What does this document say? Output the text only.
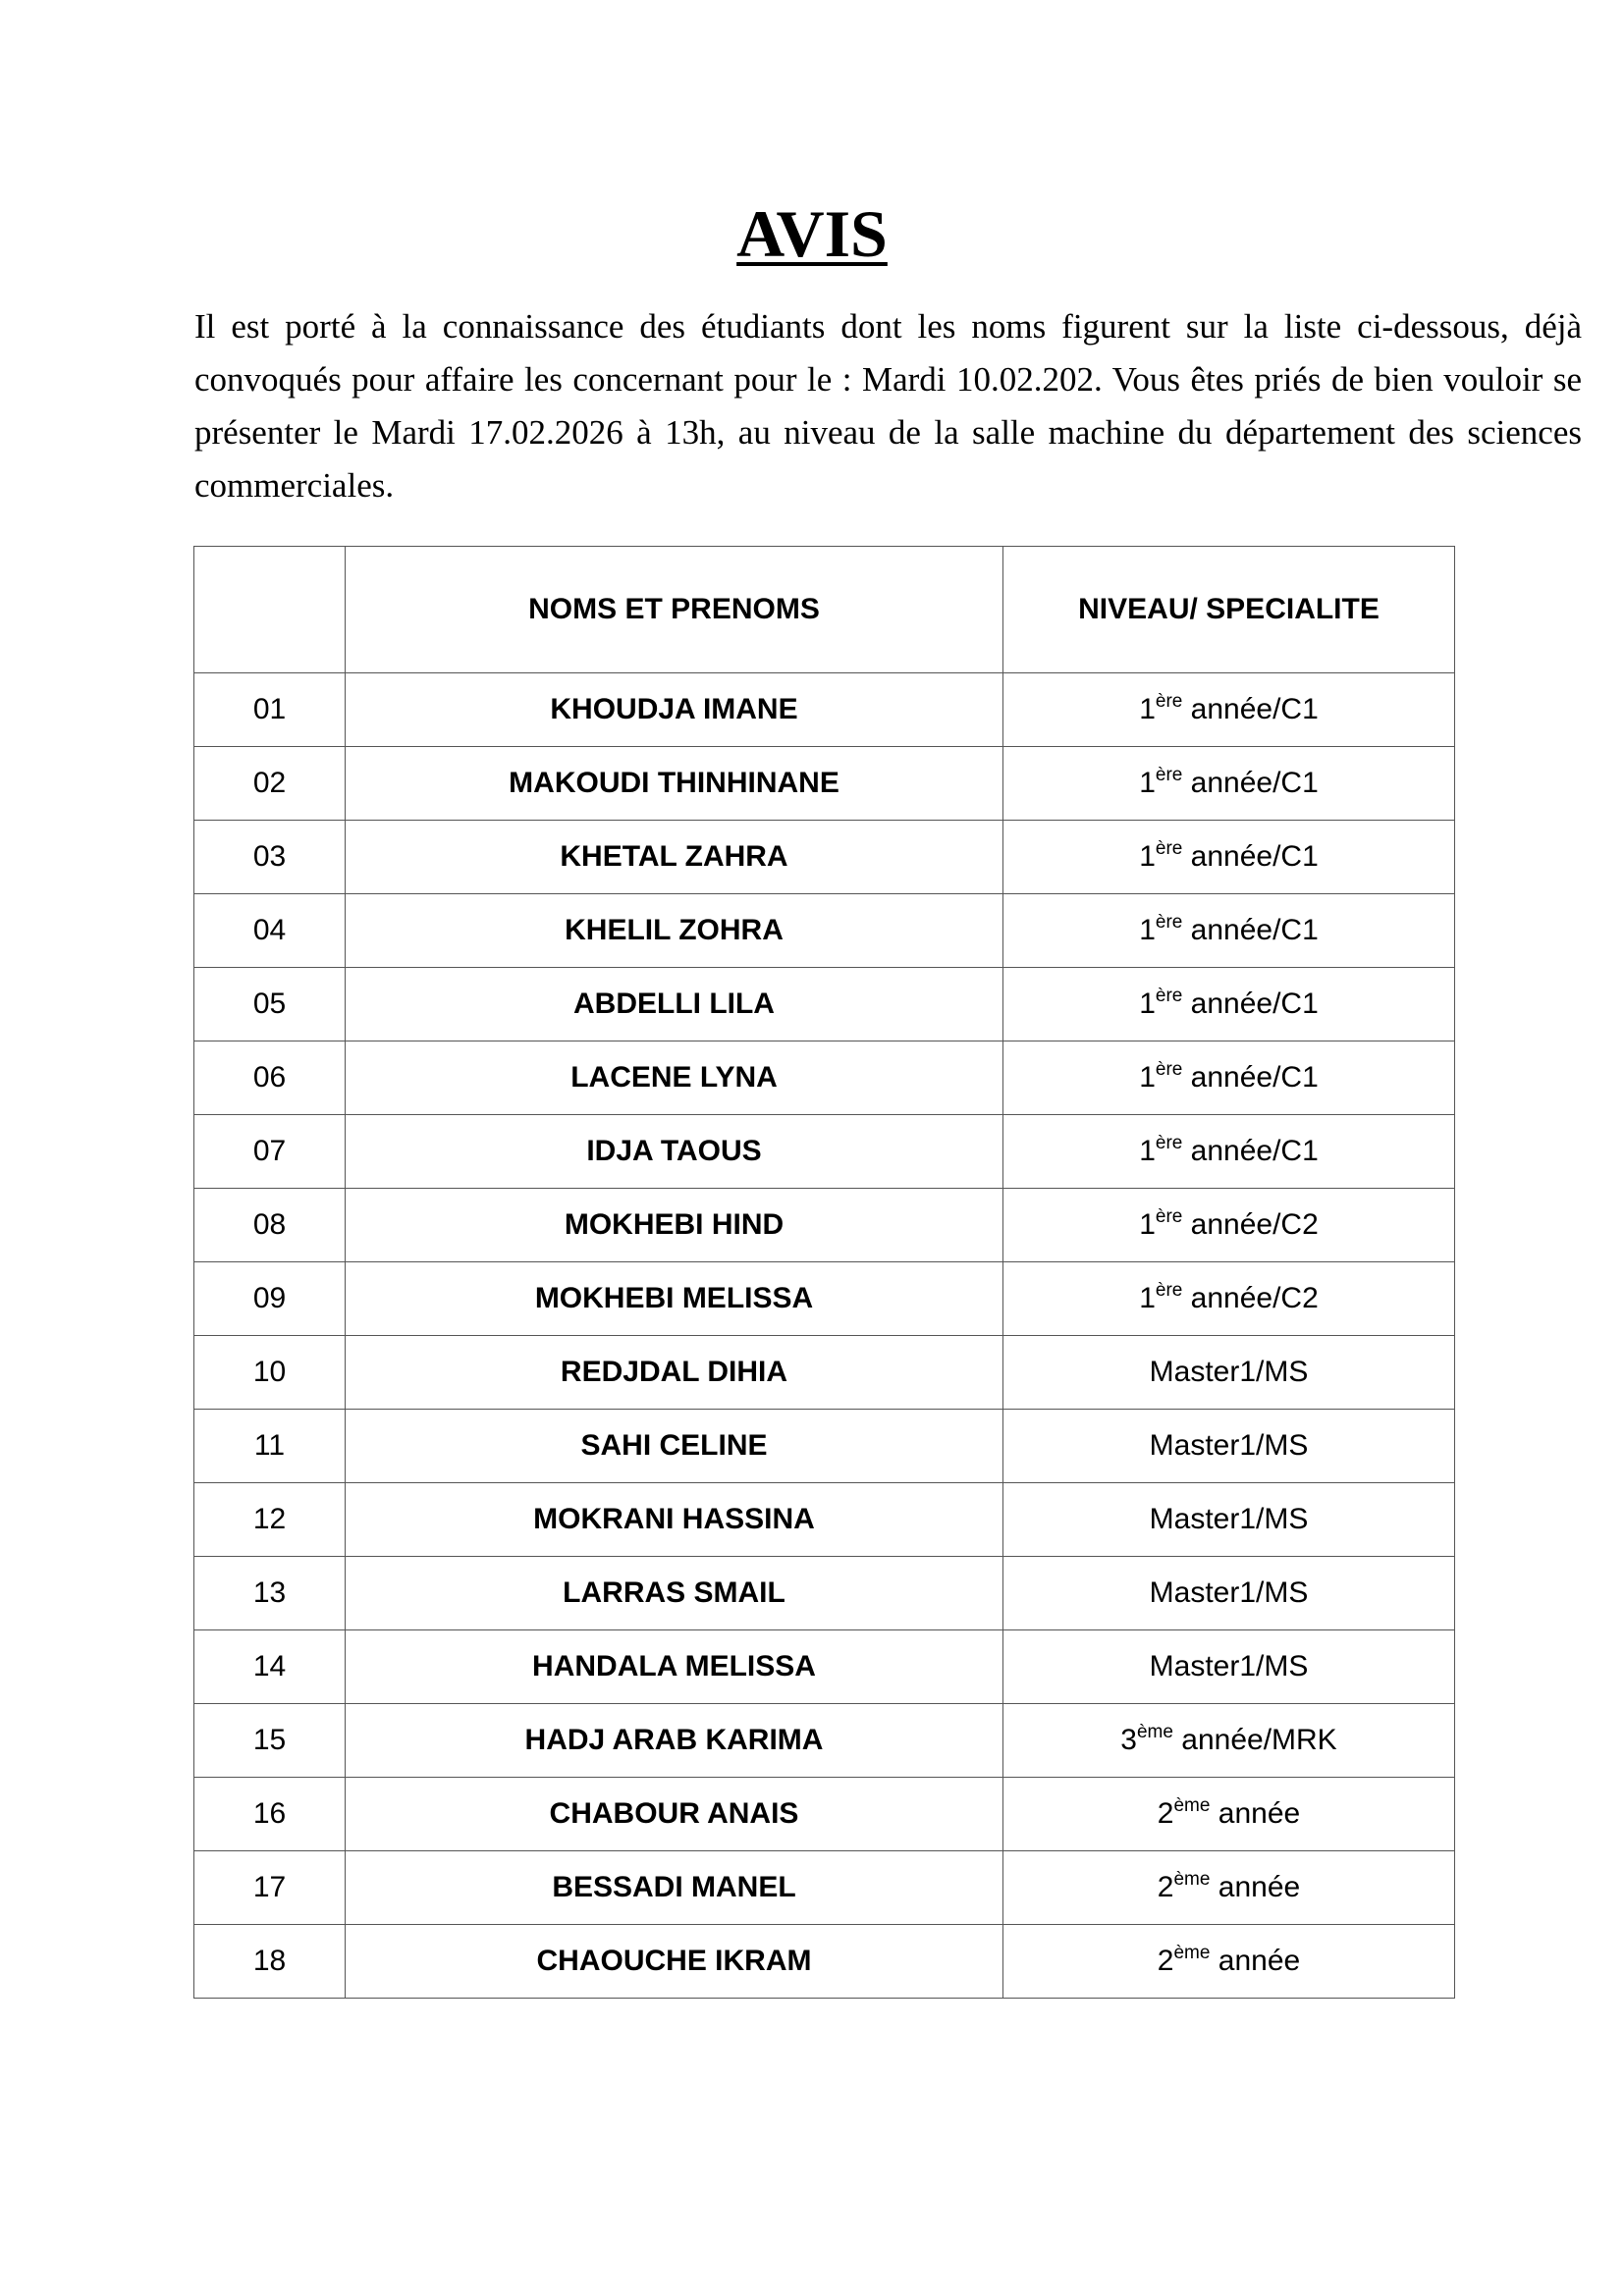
AVIS

Il est porté à la connaissance des étudiants dont les noms figurent sur la liste ci-dessous, déjà convoqués pour affaire les concernant pour le : Mardi 10.02.202. Vous êtes priés de bien vouloir se présenter le Mardi 17.02.2026 à 13h, au niveau de la salle machine du département des sciences commerciales.

	NOMS ET PRENOMS	NIVEAU/ SPECIALITE
01	KHOUDJA IMANE	1ère année/C1
02	MAKOUDI THINHINANE	1ère année/C1
03	KHETAL ZAHRA	1ère année/C1
04	KHELIL ZOHRA	1ère année/C1
05	ABDELLI LILA	1ère année/C1
06	LACENE LYNA	1ère année/C1
07	IDJA TAOUS	1ère année/C1
08	MOKHEBI HIND	1ère année/C2
09	MOKHEBI MELISSA	1ère année/C2
10	REDJDAL DIHIA	Master1/MS
11	SAHI CELINE	Master1/MS
12	MOKRANI HASSINA	Master1/MS
13	LARRAS SMAIL	Master1/MS
14	HANDALA MELISSA	Master1/MS
15	HADJ ARAB KARIMA	3ème année/MRK
16	CHABOUR ANAIS	2ème année
17	BESSADI MANEL	2ème année
18	CHAOUCHE IKRAM	2ème année
